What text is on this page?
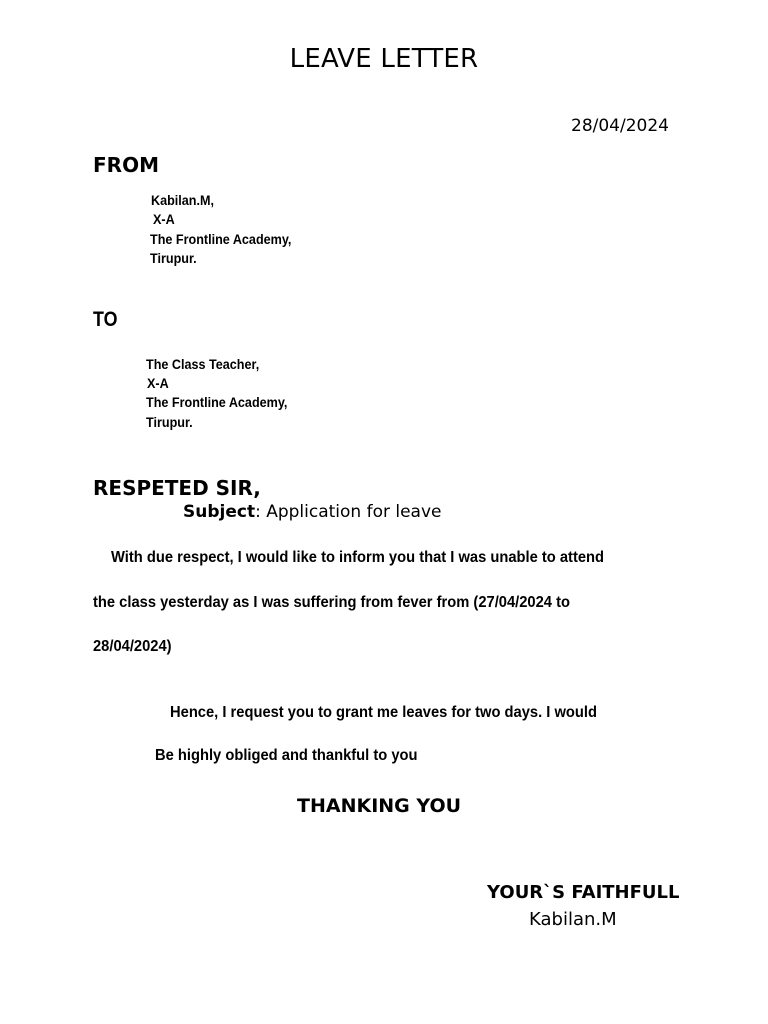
LEAVE LETTER
28/04/2024
FROM
Kabilan.M,
X-A
The Frontline Academy,
Tirupur.
TO
The Class Teacher,
X-A
The Frontline Academy,
Tirupur.
RESPETED SIR,
Subject: Application for leave
With due respect, I would like to inform you that I was unable to attend
the class yesterday as I was suffering from fever from (27/04/2024 to
28/04/2024)
Hence, I request you to grant me leaves for two days. I would
Be highly obliged and thankful to you
THANKING YOU
YOUR`S FAITHFULL
Kabilan.M
